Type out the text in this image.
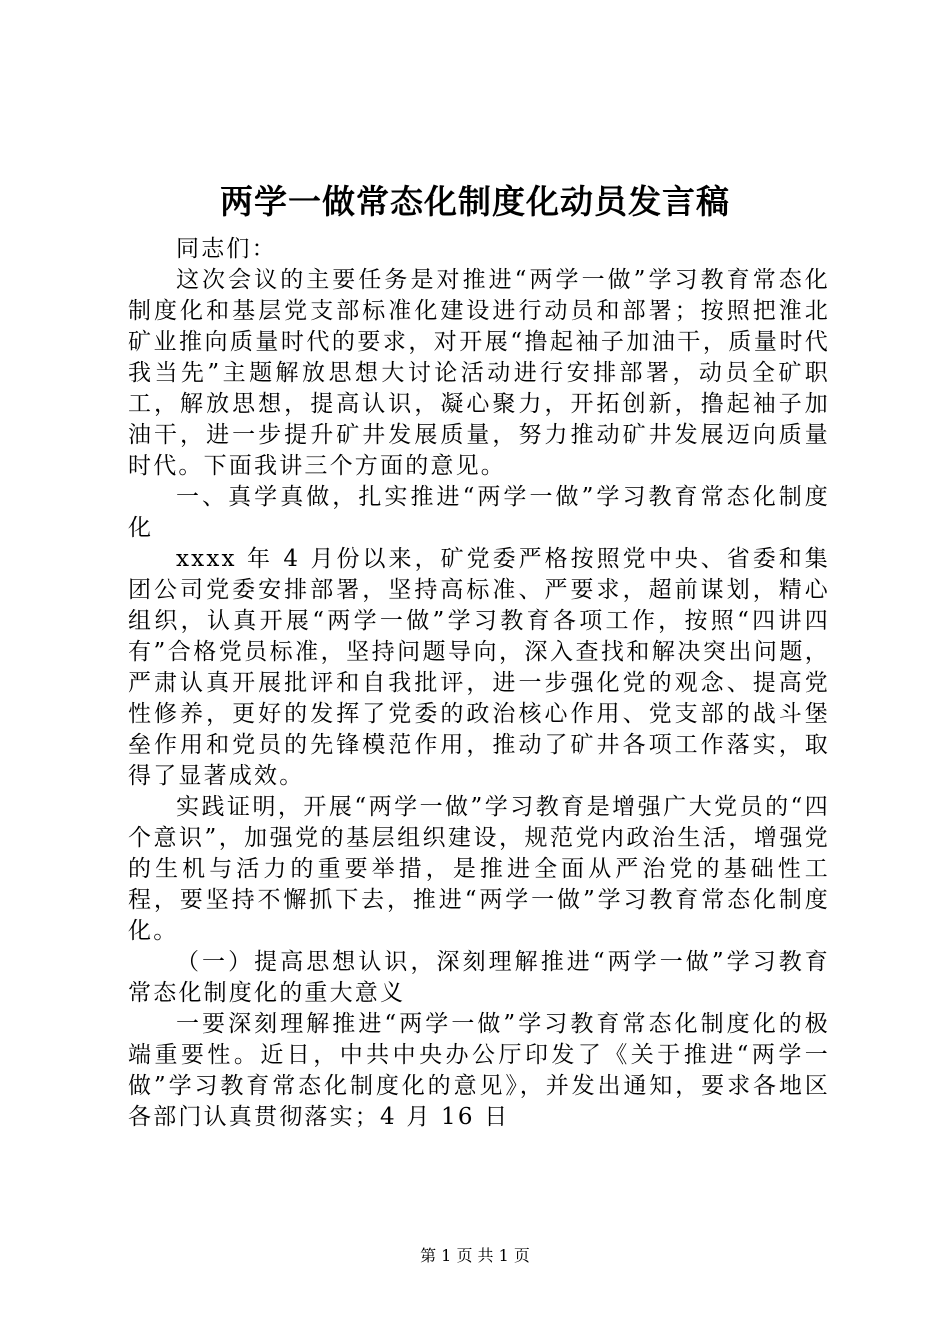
两学一做常态化制度化动员发言稿

同志们：

这次会议的主要任务是对推进“两学一做”学习教育常态化制度化和基层党支部标准化建设进行动员和部署；按照把淮北矿业推向质量时代的要求，对开展“撸起袖子加油干，质量时代我当先”主题解放思想大讨论活动进行安排部署，动员全矿职工，解放思想，提高认识，凝心聚力，开拓创新，撸起袖子加油干，进一步提升矿井发展质量，努力推动矿井发展迈向质量时代。下面我讲三个方面的意见。

一、真学真做，扎实推进“两学一做”学习教育常态化制度化

xxxx 年 4 月份以来，矿党委严格按照党中央、省委和集团公司党委安排部署，坚持高标准、严要求，超前谋划，精心组织，认真开展“两学一做”学习教育各项工作，按照“四讲四有”合格党员标准，坚持问题导向，深入查找和解决突出问题，严肃认真开展批评和自我批评，进一步强化党的观念、提高党性修养，更好的发挥了党委的政治核心作用、党支部的战斗堡垒作用和党员的先锋模范作用，推动了矿井各项工作落实，取得了显著成效。

实践证明，开展“两学一做”学习教育是增强广大党员的“四个意识”，加强党的基层组织建设，规范党内政治生活，增强党的生机与活力的重要举措，是推进全面从严治党的基础性工程，要坚持不懈抓下去，推进“两学一做”学习教育常态化制度化。

（一）提高思想认识，深刻理解推进“两学一做”学习教育常态化制度化的重大意义

一要深刻理解推进“两学一做”学习教育常态化制度化的极端重要性。近日，中共中央办公厅印发了《关于推进“两学一做”学习教育常态化制度化的意见》，并发出通知，要求各地区各部门认真贯彻落实；4 月 16 日

第 1 页 共 1 页
